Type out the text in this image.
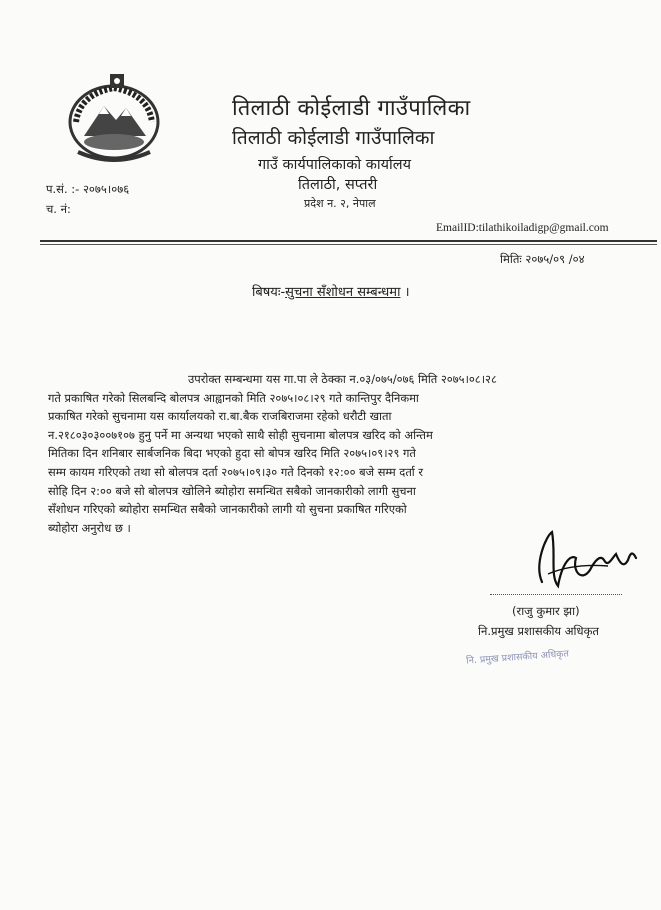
तिलाठी कोईलाडी गाउँपालिका
तिलाठी कोईलाडी गाउँपालिका
गाउँ कार्यपालिकाको कार्यालय
तिलाठी, सप्तरी
प्रदेश न. २, नेपाल
प.सं. :- २०७५।०७६
च. नं:
EmailID:tilathikoiladigp@gmail.com
मितिः २०७५/०९ /०४
बिषयः-सुचना सँशोधन सम्बन्धमा ।

उपरोक्त सम्बन्धमा यस गा.पा ले ठेक्का न.०३/०७५/०७६ मिति २०७५।०८।२८

गते प्रकाषित गरेको सिलबन्दि बोलपत्र आह्वानको मिति २०७५।०८।२९ गते कान्तिपुर दैनिकमा

प्रकाषित गरेको सुचनामा यस कार्यालयको रा.बा.बैक राजबिराजमा रहेको धरौटी खाता

न.२१८०३०३००७१०७ हुनु पर्ने मा अन्यथा भएको साथै सोही सुचनामा बोलपत्र खरिद को अन्तिम

मितिका दिन शनिबार सार्बजनिक बिदा भएको हुदा सो बोपत्र खरिद मिति २०७५।०९।२९ गते

सम्म कायम गरिएको तथा सो बोलपत्र दर्ता २०७५।०९।३० गते दिनको १२:०० बजे सम्म दर्ता र

सोहि दिन २:०० बजे सो बोलपत्र खोलिने ब्योहोरा समन्धित सबैको जानकारीको लागी सुचना

सँशोधन गरिएको ब्योहोरा समन्धित सबैको जानकारीको लागी यो सुचना प्रकाषित गरिएको

ब्योहोरा अनुरोध छ ।

(राजु कुमार झा)
नि.प्रमुख प्रशासकीय अधिकृत
नि. प्रमुख प्रशासकीय अधिकृत
